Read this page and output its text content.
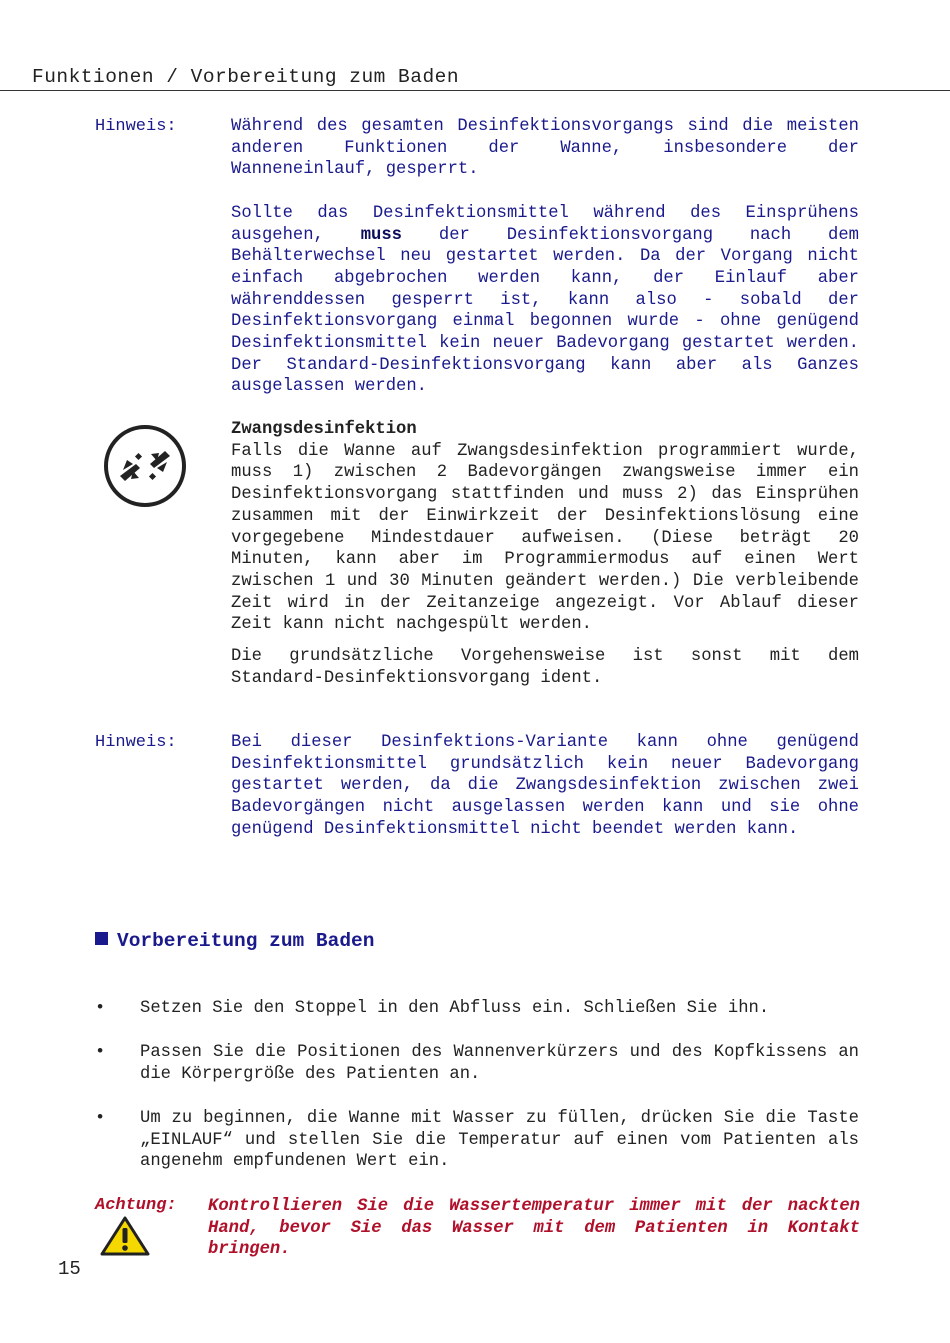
Funktionen / Vorbereitung zum Baden
Hinweis:	Während des gesamten Desinfektionsvorgangs sind die meisten anderen Funktionen der Wanne, insbesondere der Wanneneinlauf, gesperrt.

Sollte das Desinfektionsmittel während des Einsprühens ausgehen, muss der Desinfektionsvorgang nach dem Behälterwechsel neu gestartet werden. Da der Vorgang nicht einfach abgebrochen werden kann, der Einlauf aber währenddessen gesperrt ist, kann also - sobald der Desinfektionsvorgang einmal begonnen wurde - ohne genügend Desinfektionsmittel kein neuer Badevorgang gestartet werden. Der Standard-Desinfektionsvorgang kann aber als Ganzes ausgelassen werden.

Zwangsdesinfektion

Falls die Wanne auf Zwangsdesinfektion programmiert wurde, muss 1) zwischen 2 Badevorgängen zwangsweise immer ein Desinfektionsvorgang stattfinden und muss 2) das Einsprühen zusammen mit der Einwirkzeit der Desinfektionslösung eine vorgegebene Mindestdauer aufweisen. (Diese beträgt 20 Minuten, kann aber im Programmiermodus auf einen Wert zwischen 1 und 30 Minuten geändert werden.) Die verbleibende Zeit wird in der Zeitanzeige angezeigt. Vor Ablauf dieser Zeit kann nicht nachgespült werden.

Die grundsätzliche Vorgehensweise ist sonst mit dem Standard-Desinfektionsvorgang ident.

Hinweis:	Bei dieser Desinfektions-Variante kann ohne genügend Desinfektionsmittel grundsätzlich kein neuer Badevorgang gestartet werden, da die Zwangsdesinfektion zwischen zwei Badevorgängen nicht ausgelassen werden kann und sie ohne genügend Desinfektionsmittel nicht beendet werden kann.

Vorbereitung zum Baden
• Setzen Sie den Stoppel in den Abfluss ein. Schließen Sie ihn.
• Passen Sie die Positionen des Wannenverkürzers und des Kopfkissens an die Körpergröße des Patienten an.
• Um zu beginnen, die Wanne mit Wasser zu füllen, drücken Sie die Taste „EINLAUF“ und stellen Sie die Temperatur auf einen vom Patienten als angenehm empfundenen Wert ein.
Achtung: Kontrollieren Sie die Wassertemperatur immer mit der nackten Hand, bevor Sie das Wasser mit dem Patienten in Kontakt bringen.
15
